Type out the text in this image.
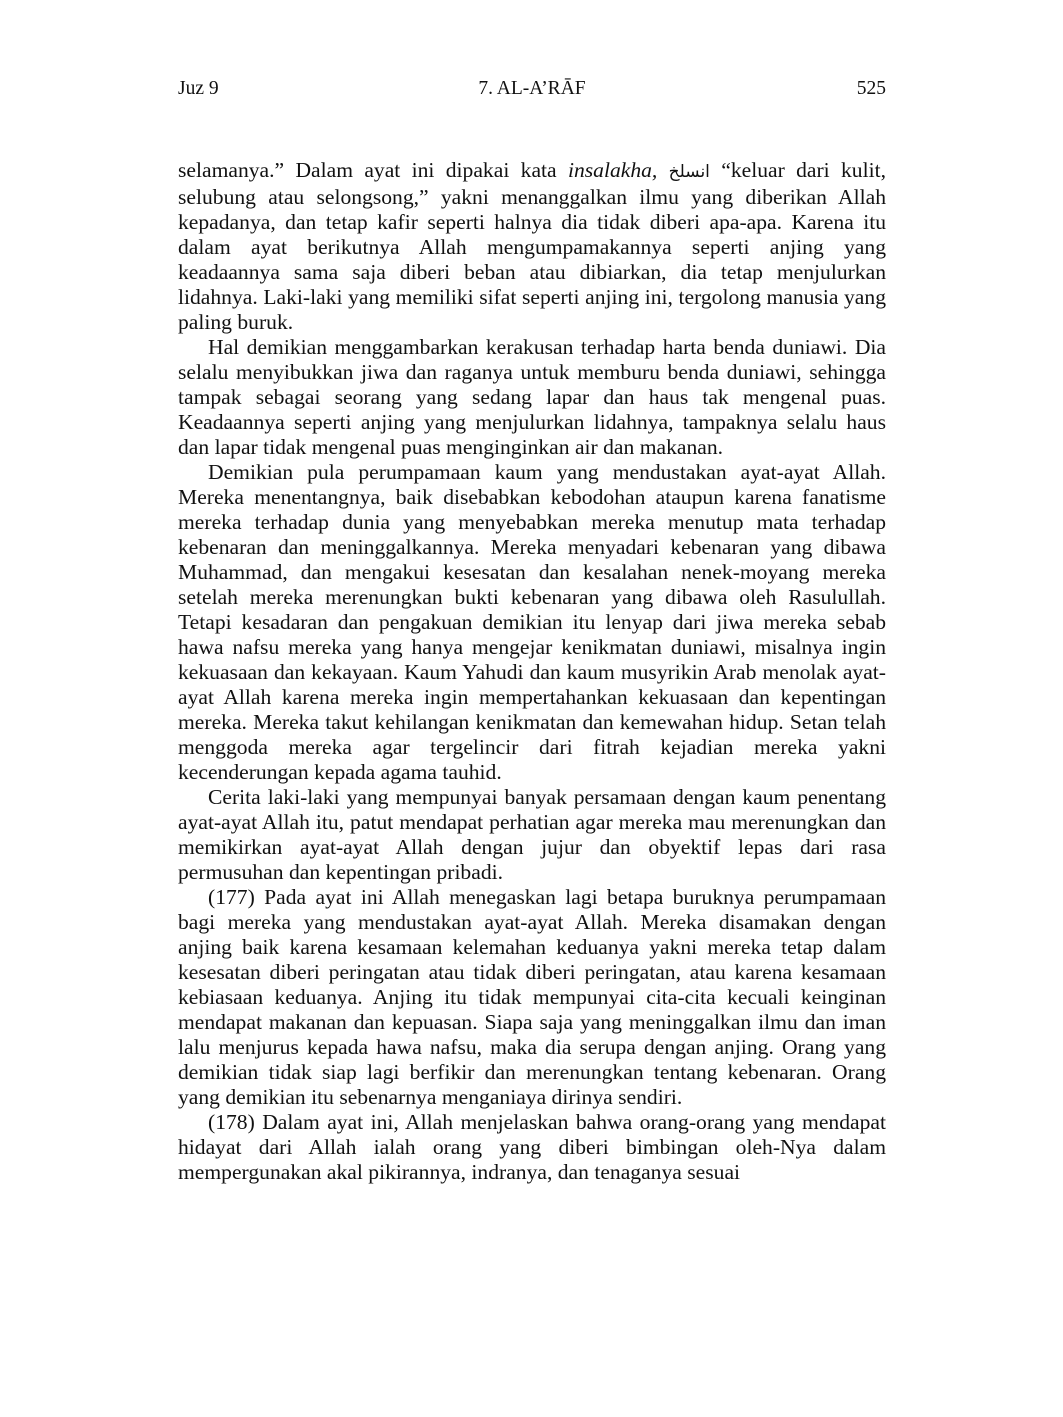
Juz 9	7. AL-A’RĀF	525

selamanya.” Dalam ayat ini dipakai kata insalakha, انسلخ “keluar dari kulit, selubung atau selongsong,” yakni menanggalkan ilmu yang diberikan Allah kepadanya, dan tetap kafir seperti halnya dia tidak diberi apa-apa. Karena itu dalam ayat berikutnya Allah mengumpamakannya seperti anjing yang keadaannya sama saja diberi beban atau dibiarkan, dia tetap menjulurkan lidahnya. Laki-laki yang memiliki sifat seperti anjing ini, tergolong manusia yang paling buruk.

Hal demikian menggambarkan kerakusan terhadap harta benda duniawi. Dia selalu menyibukkan jiwa dan raganya untuk memburu benda duniawi, sehingga tampak sebagai seorang yang sedang lapar dan haus tak mengenal puas. Keadaannya seperti anjing yang menjulurkan lidahnya, tampaknya selalu haus dan lapar tidak mengenal puas menginginkan air dan makanan.

Demikian pula perumpamaan kaum yang mendustakan ayat-ayat Allah. Mereka menentangnya, baik disebabkan kebodohan ataupun karena fanatisme mereka terhadap dunia yang menyebabkan mereka menutup mata terhadap kebenaran dan meninggalkannya. Mereka menyadari kebenaran yang dibawa Muhammad, dan mengakui kesesatan dan kesalahan nenek-moyang mereka setelah mereka merenungkan bukti kebenaran yang dibawa oleh Rasulullah. Tetapi kesadaran dan pengakuan demikian itu lenyap dari jiwa mereka sebab hawa nafsu mereka yang hanya mengejar kenikmatan duniawi, misalnya ingin kekuasaan dan kekayaan. Kaum Yahudi dan kaum musyrikin Arab menolak ayat-ayat Allah karena mereka ingin mempertahankan kekuasaan dan kepentingan mereka. Mereka takut kehilangan kenikmatan dan kemewahan hidup. Setan telah menggoda mereka agar tergelincir dari fitrah kejadian mereka yakni kecenderungan kepada agama tauhid.

Cerita laki-laki yang mempunyai banyak persamaan dengan kaum penentang ayat-ayat Allah itu, patut mendapat perhatian agar mereka mau merenungkan dan memikirkan ayat-ayat Allah dengan jujur dan obyektif lepas dari rasa permusuhan dan kepentingan pribadi.

(177) Pada ayat ini Allah menegaskan lagi betapa buruknya perumpamaan bagi mereka yang mendustakan ayat-ayat Allah. Mereka disamakan dengan anjing baik karena kesamaan kelemahan keduanya yakni mereka tetap dalam kesesatan diberi peringatan atau tidak diberi peringatan, atau karena kesamaan kebiasaan keduanya. Anjing itu tidak mempunyai cita-cita kecuali keinginan mendapat makanan dan kepuasan. Siapa saja yang meninggalkan ilmu dan iman lalu menjurus kepada hawa nafsu, maka dia serupa dengan anjing. Orang yang demikian tidak siap lagi berfikir dan merenungkan tentang kebenaran. Orang yang demikian itu sebenarnya menganiaya dirinya sendiri.

(178) Dalam ayat ini, Allah menjelaskan bahwa orang-orang yang mendapat hidayat dari Allah ialah orang yang diberi bimbingan oleh-Nya dalam mempergunakan akal pikirannya, indranya, dan tenaganya sesuai
